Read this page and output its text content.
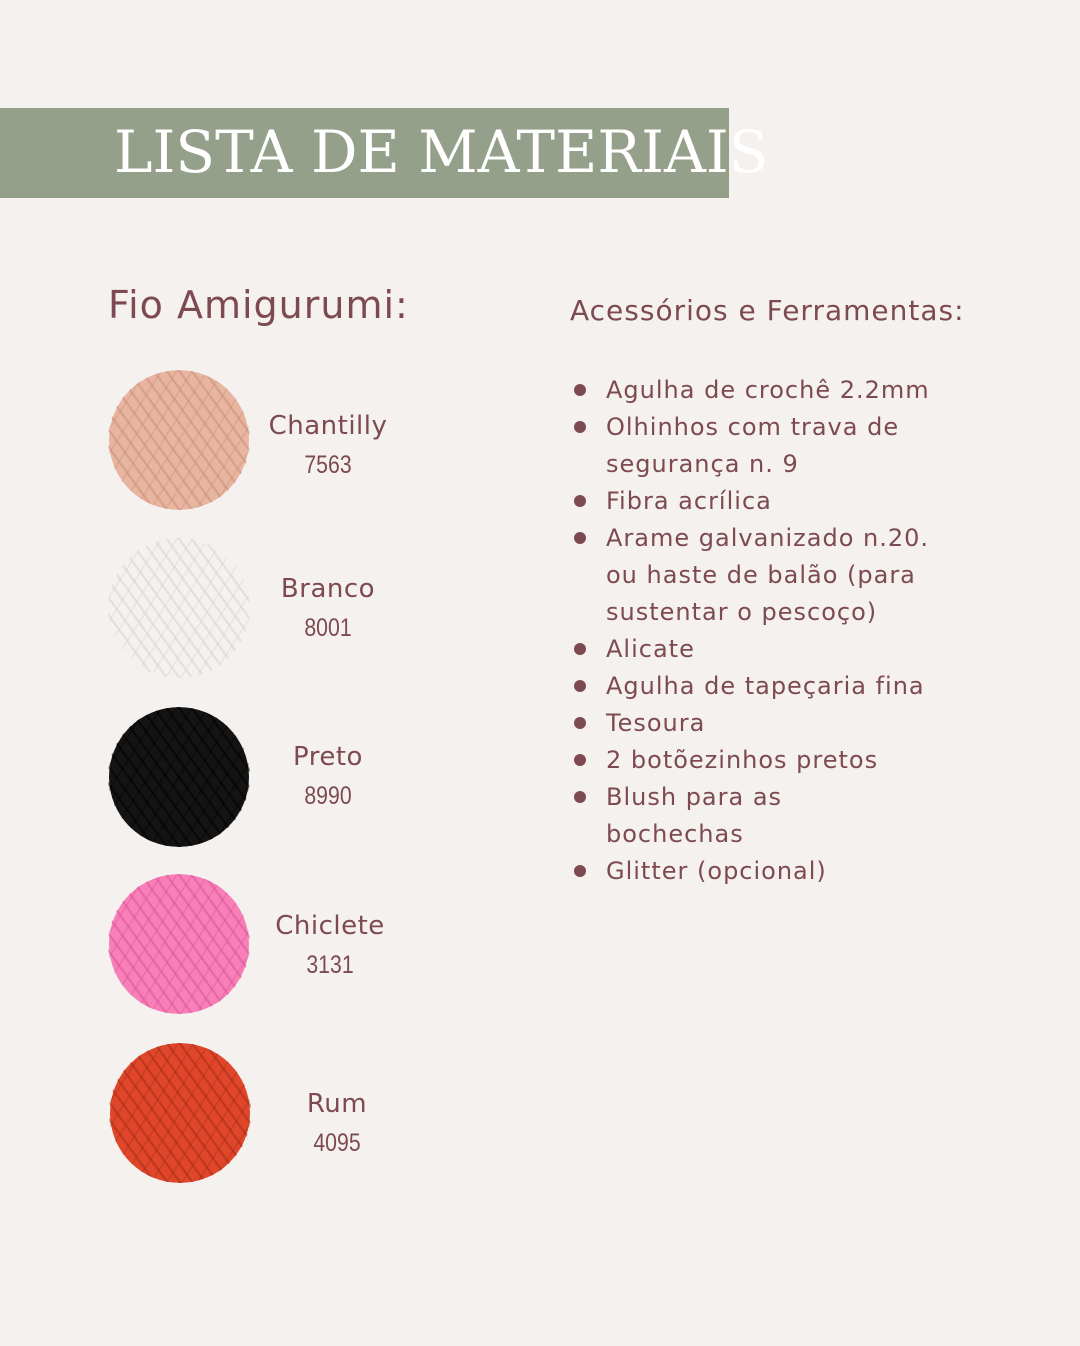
LISTA DE MATERIAIS
Fio Amigurumi:	Acessórios e Ferramentas:
Chantilly
7563
Branco
8001
Preto
8990
Chiclete
3131
Rum
4095
Agulha de crochê 2.2mm
Olhinhos com trava de
segurança n. 9
Fibra acrílica
Arame galvanizado n.20.
ou haste de balão (para
sustentar o pescoço)
Alicate
Agulha de tapeçaria fina
Tesoura
2 botõezinhos pretos
Blush para as
bochechas
Glitter (opcional)
